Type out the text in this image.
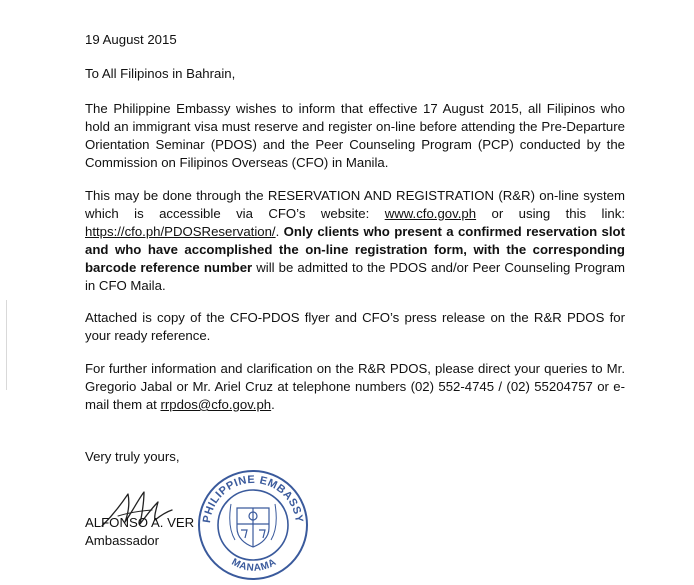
19 August 2015
To All Filipinos in Bahrain,

The Philippine Embassy wishes to inform that effective 17 August 2015, all Filipinos who hold an immigrant visa must reserve and register on-line before attending the Pre-Departure Orientation Seminar (PDOS) and the Peer Counseling Program (PCP) conducted by the Commission on Filipinos Overseas (CFO) in Manila.

This may be done through the RESERVATION AND REGISTRATION (R&R) on-line system which is accessible via CFO’s website: www.cfo.gov.ph or using this link: https://cfo.ph/PDOSReservation/. Only clients who present a confirmed reservation slot and who have accomplished the on-line registration form, with the corresponding barcode reference number will be admitted to the PDOS and/or Peer Counseling Program in CFO Maila.

Attached is copy of the CFO-PDOS flyer and CFO’s press release on the R&R PDOS for your ready reference.

For further information and clarification on the R&R PDOS, please direct your queries to Mr. Gregorio Jabal or Mr. Ariel Cruz at telephone numbers (02) 552-4745 / (02) 55204757 or e-mail them at rrpdos@cfo.gov.ph.

Very truly yours,
ALFONSO A. VER
Ambassador
PHILIPPINE EMBASSY
MANAMA
